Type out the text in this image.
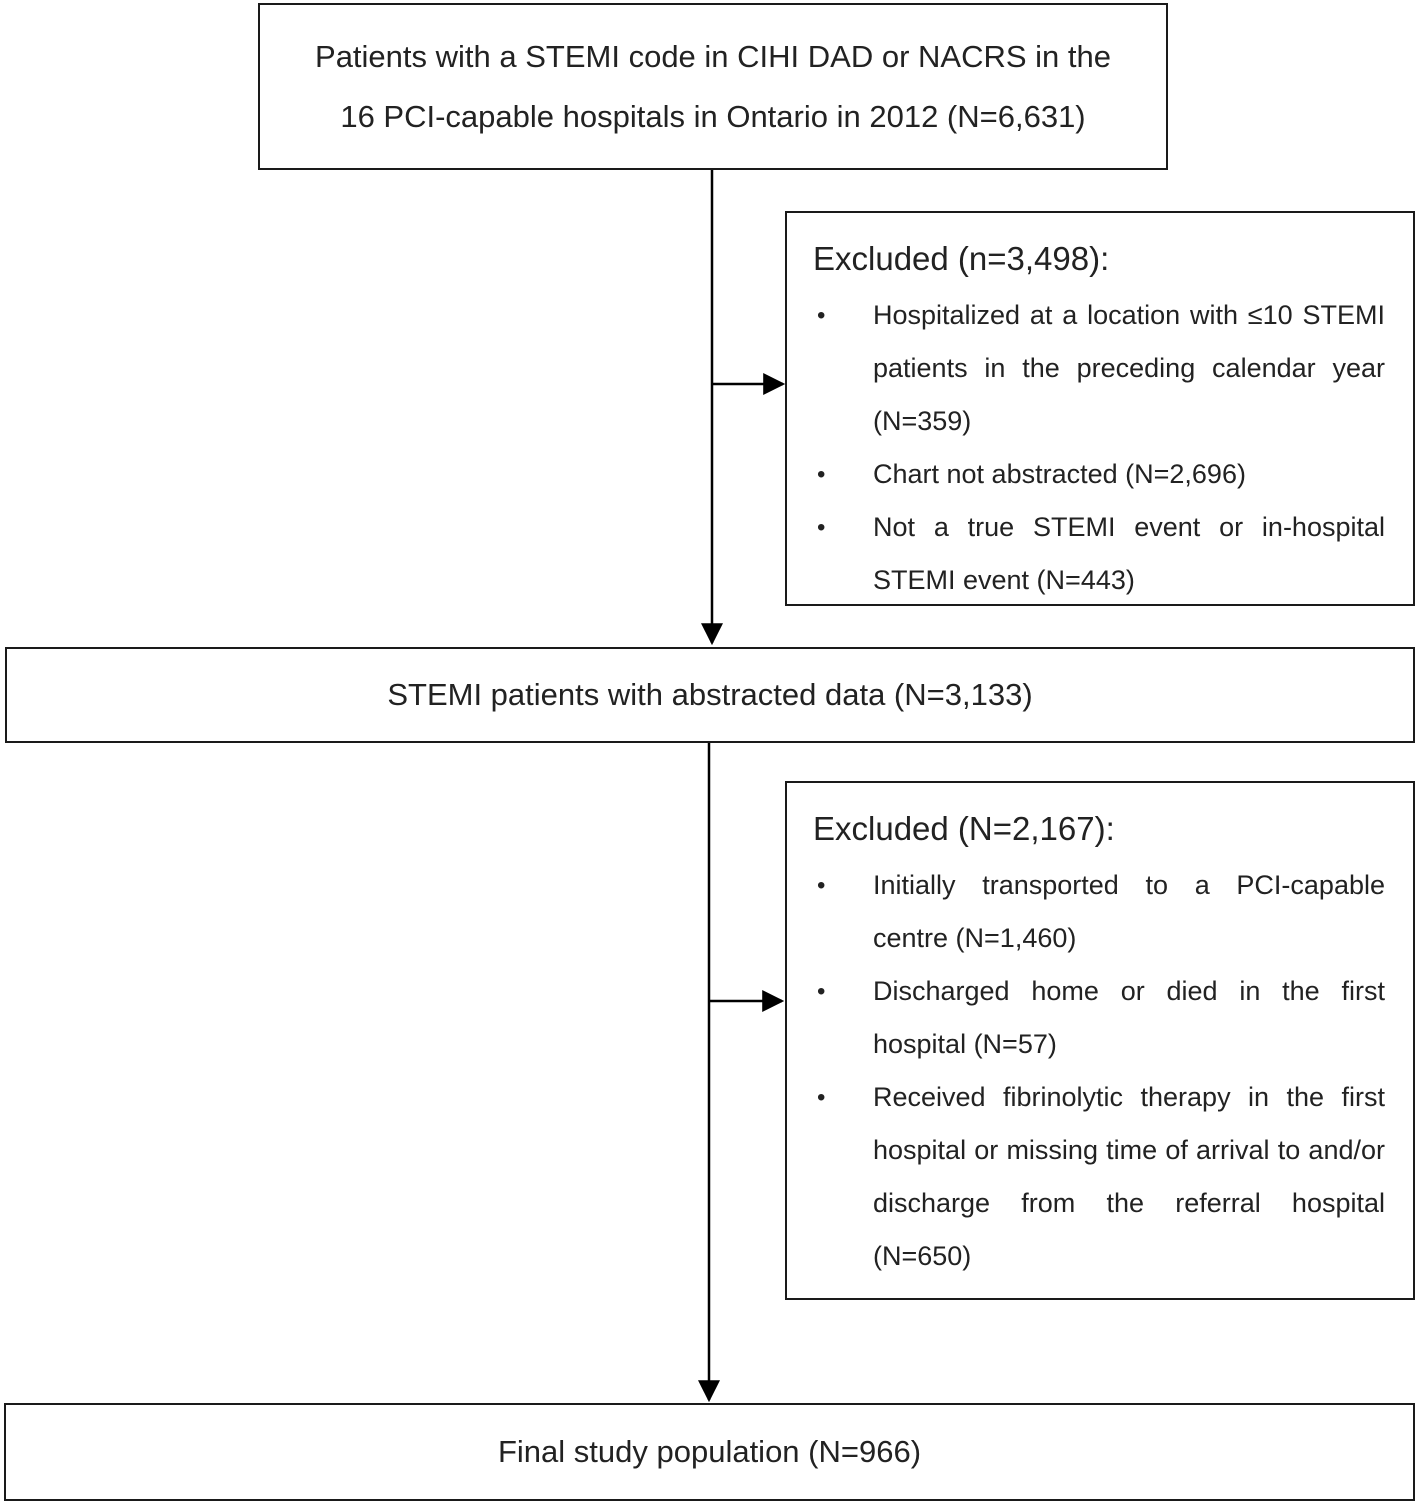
Patients with a STEMI code in CIHI DAD or NACRS in the
16 PCI-capable hospitals in Ontario in 2012 (N=6,631)
Excluded (n=3,498):
• Hospitalized at a location with ≤10 STEMI patients in the preceding calendar year (N=359)
• Chart not abstracted (N=2,696)
• Not a true STEMI event or in-hospital STEMI event (N=443)
STEMI patients with abstracted data (N=3,133)
Excluded (N=2,167):
• Initially transported to a PCI-capable centre (N=1,460)
• Discharged home or died in the first hospital (N=57)
• Received fibrinolytic therapy in the first hospital or missing time of arrival to and/or discharge from the referral hospital (N=650)
Final study population (N=966)
